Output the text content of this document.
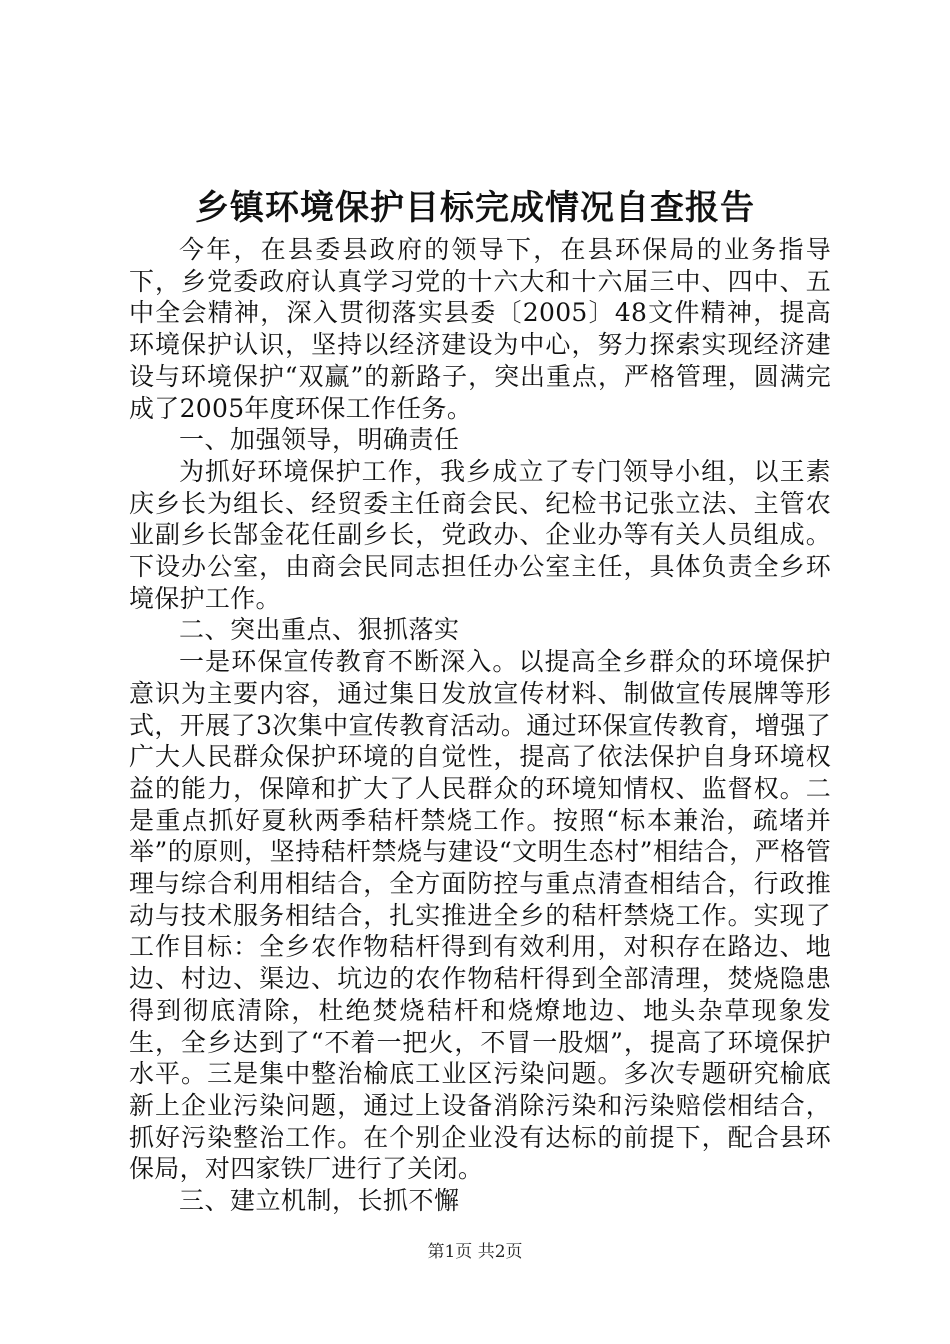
乡镇环境保护目标完成情况自查报告

今年，在县委县政府的领导下，在县环保局的业务指导下，乡党委政府认真学习党的十六大和十六届三中、四中、五中全会精神，深入贯彻落实县委〔2005〕48文件精神，提高环境保护认识，坚持以经济建设为中心，努力探索实现经济建设与环境保护“双赢”的新路子，突出重点，严格管理，圆满完成了2005年度环保工作任务。

一、加强领导，明确责任

为抓好环境保护工作，我乡成立了专门领导小组，以王素庆乡长为组长、经贸委主任商会民、纪检书记张立法、主管农业副乡长郜金花任副乡长，党政办、企业办等有关人员组成。下设办公室，由商会民同志担任办公室主任，具体负责全乡环境保护工作。

二、突出重点、狠抓落实

一是环保宣传教育不断深入。以提高全乡群众的环境保护意识为主要内容，通过集日发放宣传材料、制做宣传展牌等形式，开展了3次集中宣传教育活动。通过环保宣传教育，增强了广大人民群众保护环境的自觉性，提高了依法保护自身环境权益的能力，保障和扩大了人民群众的环境知情权、监督权。二是重点抓好夏秋两季秸杆禁烧工作。按照“标本兼治，疏堵并举”的原则，坚持秸杆禁烧与建设“文明生态村”相结合，严格管理与综合利用相结合，全方面防控与重点清查相结合，行政推动与技术服务相结合，扎实推进全乡的秸杆禁烧工作。实现了工作目标：全乡农作物秸杆得到有效利用，对积存在路边、地边、村边、渠边、坑边的农作物秸杆得到全部清理，焚烧隐患得到彻底清除，杜绝焚烧秸杆和烧燎地边、地头杂草现象发生，全乡达到了“不着一把火，不冒一股烟”，提高了环境保护水平。三是集中整治榆底工业区污染问题。多次专题研究榆底新上企业污染问题，通过上设备消除污染和污染赔偿相结合，抓好污染整治工作。在个别企业没有达标的前提下，配合县环保局，对四家铁厂进行了关闭。

三、建立机制，长抓不懈

第1页 共2页
